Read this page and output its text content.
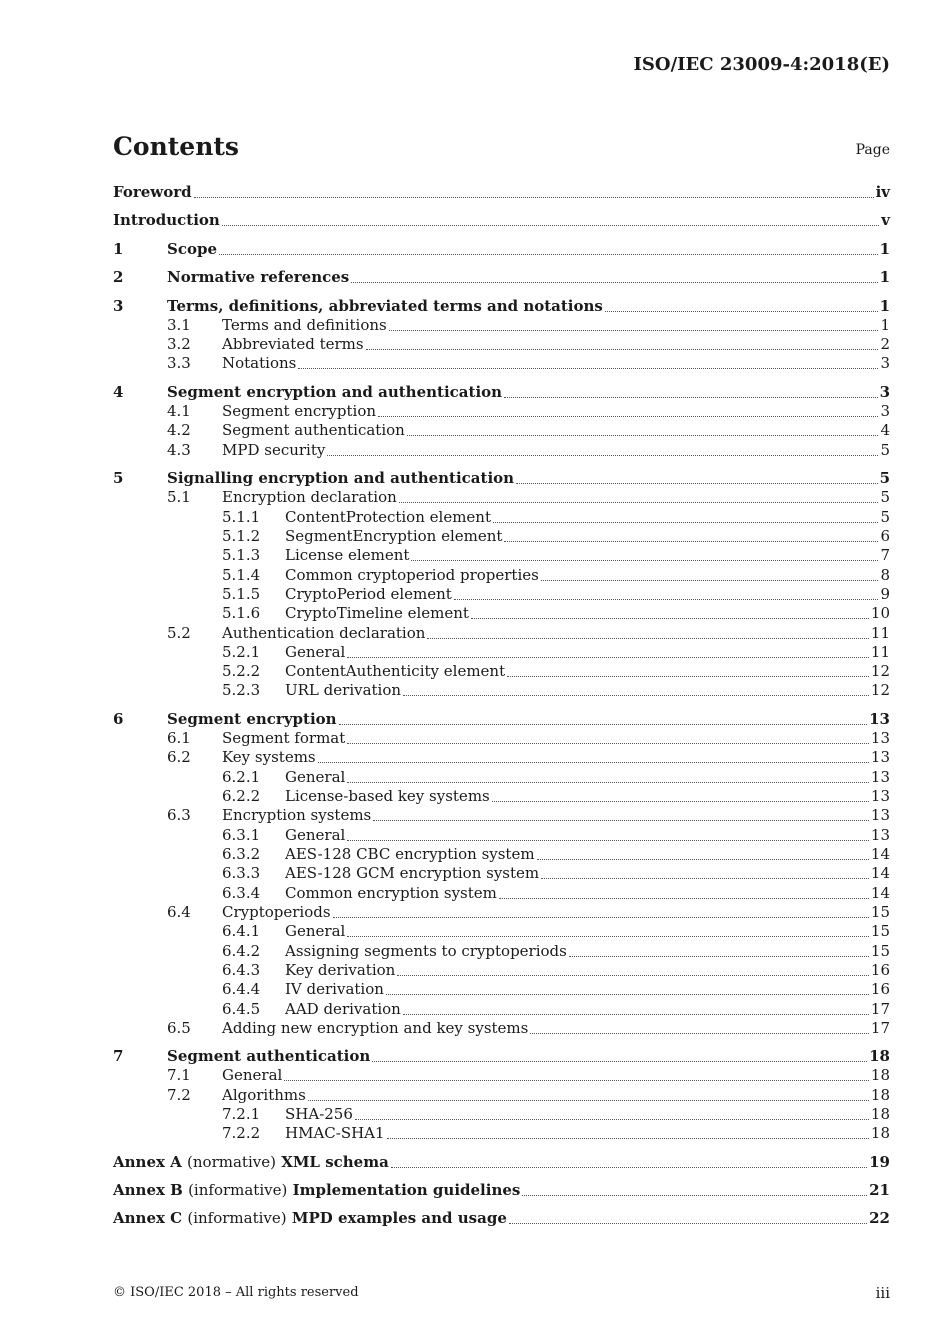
ISO/IEC 23009-4:2018(E)
Contents	Page
Foreword	iv
Introduction	v
1	Scope	1
2	Normative references	1
3	Terms, definitions, abbreviated terms and notations	1
3.1 Terms and definitions	1
3.2 Abbreviated terms	2
3.3 Notations	3
4	Segment encryption and authentication	3
4.1 Segment encryption	3
4.2 Segment authentication	4
4.3 MPD security	5
5	Signalling encryption and authentication	5
5.1 Encryption declaration	5
5.1.1 ContentProtection element	5
5.1.2 SegmentEncryption element	6
5.1.3 License element	7
5.1.4 Common cryptoperiod properties	8
5.1.5 CryptoPeriod element	9
5.1.6 CryptoTimeline element	10
5.2 Authentication declaration	11
5.2.1 General	11
5.2.2 ContentAuthenticity element	12
5.2.3 URL derivation	12
6	Segment encryption	13
6.1 Segment format	13
6.2 Key systems	13
6.2.1 General	13
6.2.2 License-based key systems	13
6.3 Encryption systems	13
6.3.1 General	13
6.3.2 AES-128 CBC encryption system	14
6.3.3 AES-128 GCM encryption system	14
6.3.4 Common encryption system	14
6.4 Cryptoperiods	15
6.4.1 General	15
6.4.2 Assigning segments to cryptoperiods	15
6.4.3 Key derivation	16
6.4.4 IV derivation	16
6.4.5 AAD derivation	17
6.5 Adding new encryption and key systems	17
7	Segment authentication	18
7.1 General	18
7.2 Algorithms	18
7.2.1 SHA-256	18
7.2.2 HMAC-SHA1	18
Annex A (normative) XML schema	19
Annex B (informative) Implementation guidelines	21
Annex C (informative) MPD examples and usage	22
© ISO/IEC 2018 – All rights reserved	iii
